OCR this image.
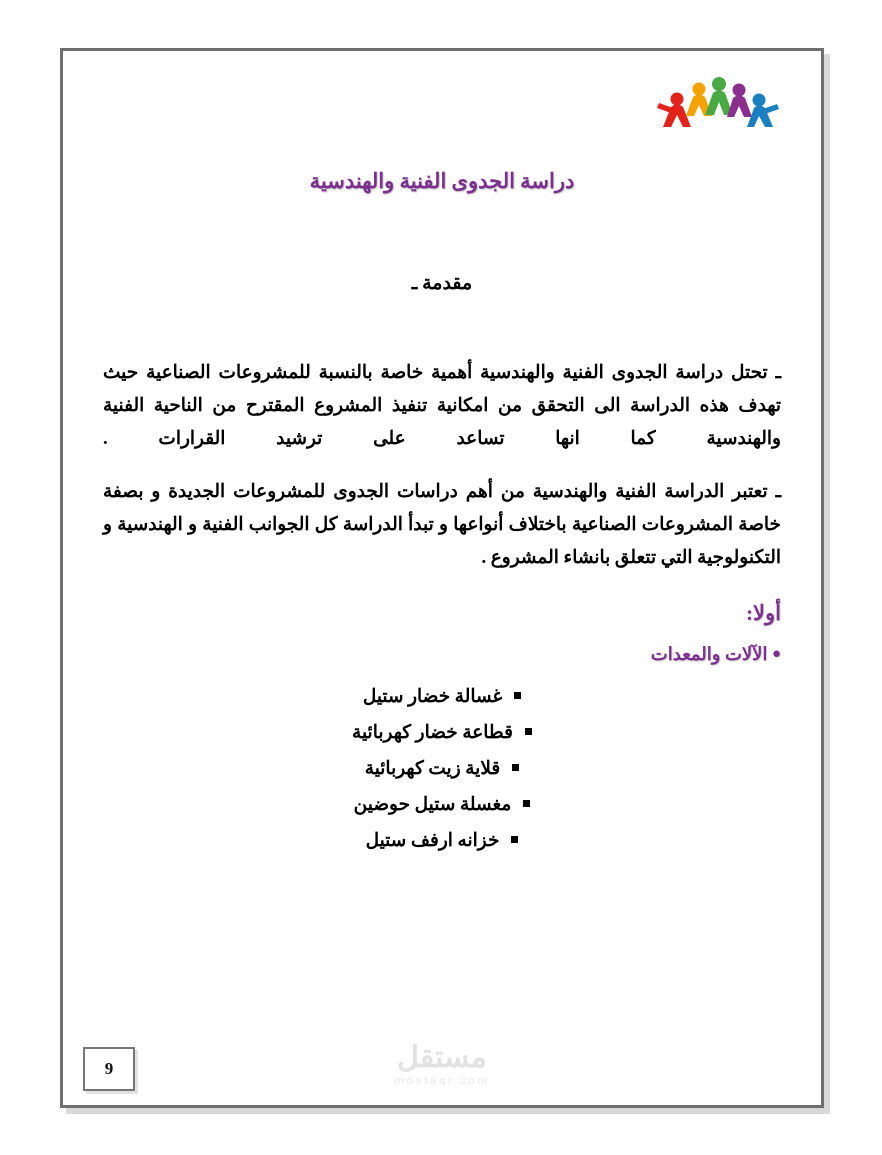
دراسة الجدوى الفنية والهندسية
مقدمة ـ

ـ تحتل دراسة الجدوى الفنية والهندسية أهمية خاصة بالنسبة للمشروعات الصناعية حيث تهدف هذه الدراسة الى التحقق من امكانية تنفيذ المشروع المقترح من الناحية الفنية والهندسية كما انها تساعد على ترشيد القرارات .

ـ تعتبر الدراسة الفنية والهندسية من أهم دراسات الجدوى للمشروعات الجديدة و بصفة خاصة المشروعات الصناعية باختلاف أنواعها و تبدأ الدراسة كل الجوانب الفنية و الهندسية و التكنولوجية التي تتعلق بانشاء المشروع .

أولا:
● الآلات والمعدات
غسالة خضار ستيل
قطاعة خضار كهربائية
قلاية زيت كهربائية
مغسلة ستيل حوضين
خزانه ارفف ستيل
9	مستقل
mostaql.com
